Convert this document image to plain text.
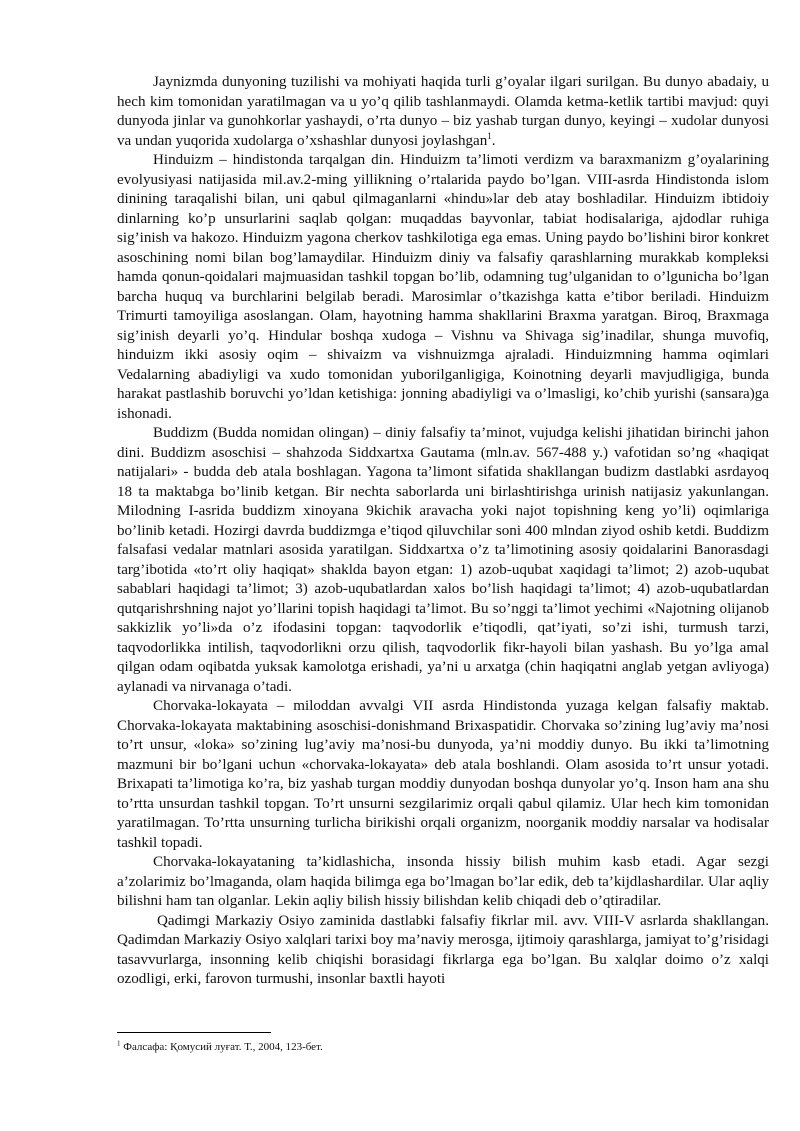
Jaynizmda dunyoning tuzilishi va mohiyati haqida turli g’oyalar ilgari surilgan. Bu dunyo abadaiy, u hech kim tomonidan yaratilmagan va u yo’q qilib tashlanmaydi. Olamda ketma-ketlik tartibi mavjud: quyi dunyoda jinlar va gunohkorlar yashaydi, o’rta dunyo – biz yashab turgan dunyo, keyingi – xudolar dunyosi va undan yuqorida xudolarga o’xshashlar dunyosi joylashgan$^1$.

Hinduizm – hindistonda tarqalgan din. Hinduizm ta’limoti verdizm va baraxmanizm g’oyalarining evolyusiyasi natijasida mil.av.2-ming yillikning o’rtalarida paydo bo’lgan. VIII-asrda Hindistonda islom dinining taraqalishi bilan, uni qabul qilmaganlarni «hindu»lar deb atay boshladilar. Hinduizm ibtidoiy dinlarning ko’p unsurlarini saqlab qolgan: muqaddas bayvonlar, tabiat hodisalariga, ajdodlar ruhiga sig’inish va hakozo. Hinduizm yagona cherkov tashkilotiga ega emas. Uning paydo bo’lishini biror konkret asoschining nomi bilan bog’lamaydilar. Hinduizm diniy va falsafiy qarashlarning murakkab kompleksi hamda qonun-qoidalari majmuasidan tashkil topgan bo’lib, odamning tug’ulganidan to o’lgunicha bo’lgan barcha huquq va burchlarini belgilab beradi. Marosimlar o’tkazishga katta e’tibor beriladi. Hinduizm Trimurti tamoyiliga asoslangan. Olam, hayotning hamma shakllarini Braxma yaratgan. Biroq, Braxmaga sig’inish deyarli yo’q. Hindular boshqa xudoga – Vishnu va Shivaga sig’inadilar, shunga muvofiq, hinduizm ikki asosiy oqim – shivaizm va vishnuizmga ajraladi. Hinduizmning hamma oqimlari Vedalarning abadiyligi va xudo tomonidan yuborilganligiga, Koinotning deyarli mavjudligiga, bunda harakat pastlashib boruvchi yo’ldan ketishiga: jonning abadiyligi va o’lmasligi, ko’chib yurishi (sansara)ga ishonadi.

Buddizm (Budda nomidan olingan) – diniy falsafiy ta’minot, vujudga kelishi jihatidan birinchi jahon dini. Buddizm asoschisi – shahzoda Siddxartxa Gautama (mln.av. 567-488 y.) vafotidan so’ng «haqiqat natijalari» - budda deb atala boshlagan. Yagona ta’limont sifatida shakllangan budizm dastlabki asrdayoq 18 ta maktabga bo’linib ketgan. Bir nechta saborlarda uni birlashtirishga urinish natijasiz yakunlangan. Milodning I-asrida buddizm xinoyana 9kichik aravacha yoki najot topishning keng yo’li) oqimlariga bo’linib ketadi. Hozirgi davrda buddizmga e’tiqod qiluvchilar soni 400 mlndan ziyod oshib ketdi. Buddizm falsafasi vedalar matnlari asosida yaratilgan. Siddxartxa o’z ta’limotining asosiy qoidalarini Banorasdagi targ’ibotida «to’rt oliy haqiqat» shaklda bayon etgan: 1) azob-uqubat xaqidagi ta’limot; 2) azob-uqubat sabablari haqidagi ta’limot; 3) azob-uqubatlardan xalos bo’lish haqidagi ta’limot; 4) azob-uqubatlardan qutqarishrshning najot yo’llarini topish haqidagi ta’limot. Bu so’nggi ta’limot yechimi «Najotning olijanob sakkizlik yo’li»da o’z ifodasini topgan: taqvodorlik e’tiqodli, qat’iyati, so’zi ishi, turmush tarzi, taqvodorlikka intilish, taqvodorlikni orzu qilish, taqvodorlik fikr-hayoli bilan yashash. Bu yo’lga amal qilgan odam oqibatda yuksak kamolotga erishadi, ya’ni u arxatga (chin haqiqatni anglab yetgan avliyoga) aylanadi va nirvanaga o’tadi.

Chorvaka-lokayata – miloddan avvalgi VII asrda Hindistonda yuzaga kelgan falsafiy maktab. Chorvaka-lokayata maktabining asoschisi-donishmand Brixaspatidir. Chorvaka so’zining lug’aviy ma’nosi to’rt unsur, «loka» so’zining lug’aviy ma’nosi-bu dunyoda, ya’ni moddiy dunyo. Bu ikki ta’limotning mazmuni bir bo’lgani uchun «chorvaka-lokayata» deb atala boshlandi. Olam asosida to’rt unsur yotadi. Brixapati ta’limotiga ko’ra, biz yashab turgan moddiy dunyodan boshqa dunyolar yo’q. Inson ham ana shu to’rtta unsurdan tashkil topgan. To’rt unsurni sezgilarimiz orqali qabul qilamiz. Ular hech kim tomonidan yaratilmagan. To’rtta unsurning turlicha birikishi orqali organizm, noorganik moddiy narsalar va hodisalar tashkil topadi.

Chorvaka-lokayataning ta’kidlashicha, insonda hissiy bilish muhim kasb etadi. Agar sezgi a’zolarimiz bo’lmaganda, olam haqida bilimga ega bo’lmagan bo’lar edik, deb ta’kijdlashardilar. Ular aqliy bilishni ham tan olganlar. Lekin aqliy bilish hissiy bilishdan kelib chiqadi deb o’qtiradilar.

Qadimgi Markaziy Osiyo zaminida dastlabki falsafiy fikrlar mil. avv. VIII-V asrlarda shakllangan. Qadimdan Markaziy Osiyo xalqlari tarixi boy ma’naviy merosga, ijtimoiy qarashlarga, jamiyat to’g’risidagi tasavvurlarga, insonning kelib chiqishi borasidagi fikrlarga ega bo’lgan. Bu xalqlar doimo o’z xalqi ozodligi, erki, farovon turmushi, insonlar baxtli hayoti

$^1$ Фалсафа: Қомусий луғат. Т., 2004, 123-бет.
